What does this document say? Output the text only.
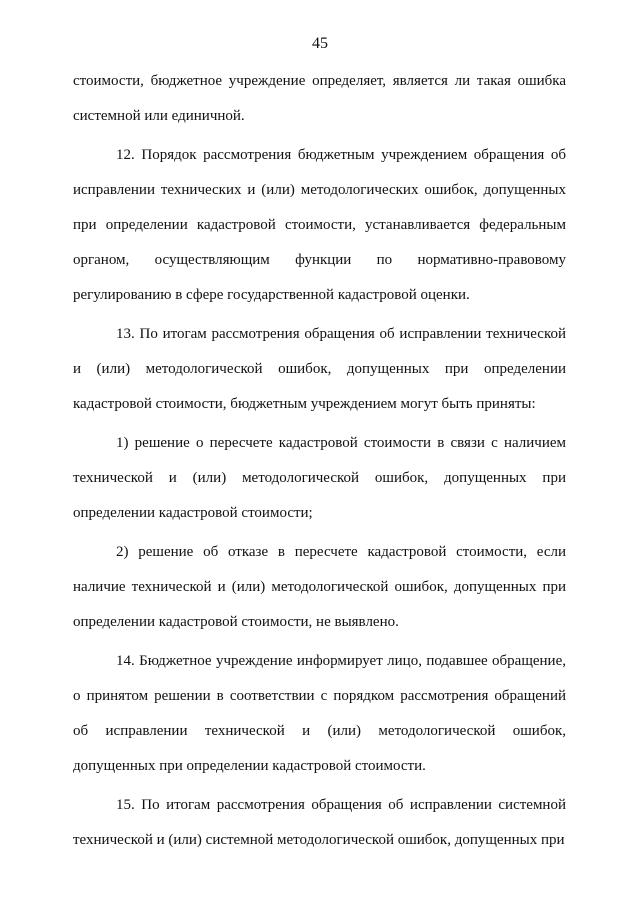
45

стоимости, бюджетное учреждение определяет, является ли такая ошибка системной или единичной.

12. Порядок рассмотрения бюджетным учреждением обращения об исправлении технических и (или) методологических ошибок, допущенных при определении кадастровой стоимости, устанавливается федеральным органом, осуществляющим функции по нормативно-правовому регулированию в сфере государственной кадастровой оценки.

13. По итогам рассмотрения обращения об исправлении технической и (или) методологической ошибок, допущенных при определении кадастровой стоимости, бюджетным учреждением могут быть приняты:

1) решение о пересчете кадастровой стоимости в связи с наличием технической и (или) методологической ошибок, допущенных при определении кадастровой стоимости;

2) решение об отказе в пересчете кадастровой стоимости, если наличие технической и (или) методологической ошибок, допущенных при определении кадастровой стоимости, не выявлено.

14. Бюджетное учреждение информирует лицо, подавшее обращение, о принятом решении в соответствии с порядком рассмотрения обращений об исправлении технической и (или) методологической ошибок, допущенных при определении кадастровой стоимости.

15. По итогам рассмотрения обращения об исправлении системной технической и (или) системной методологической ошибок, допущенных при
